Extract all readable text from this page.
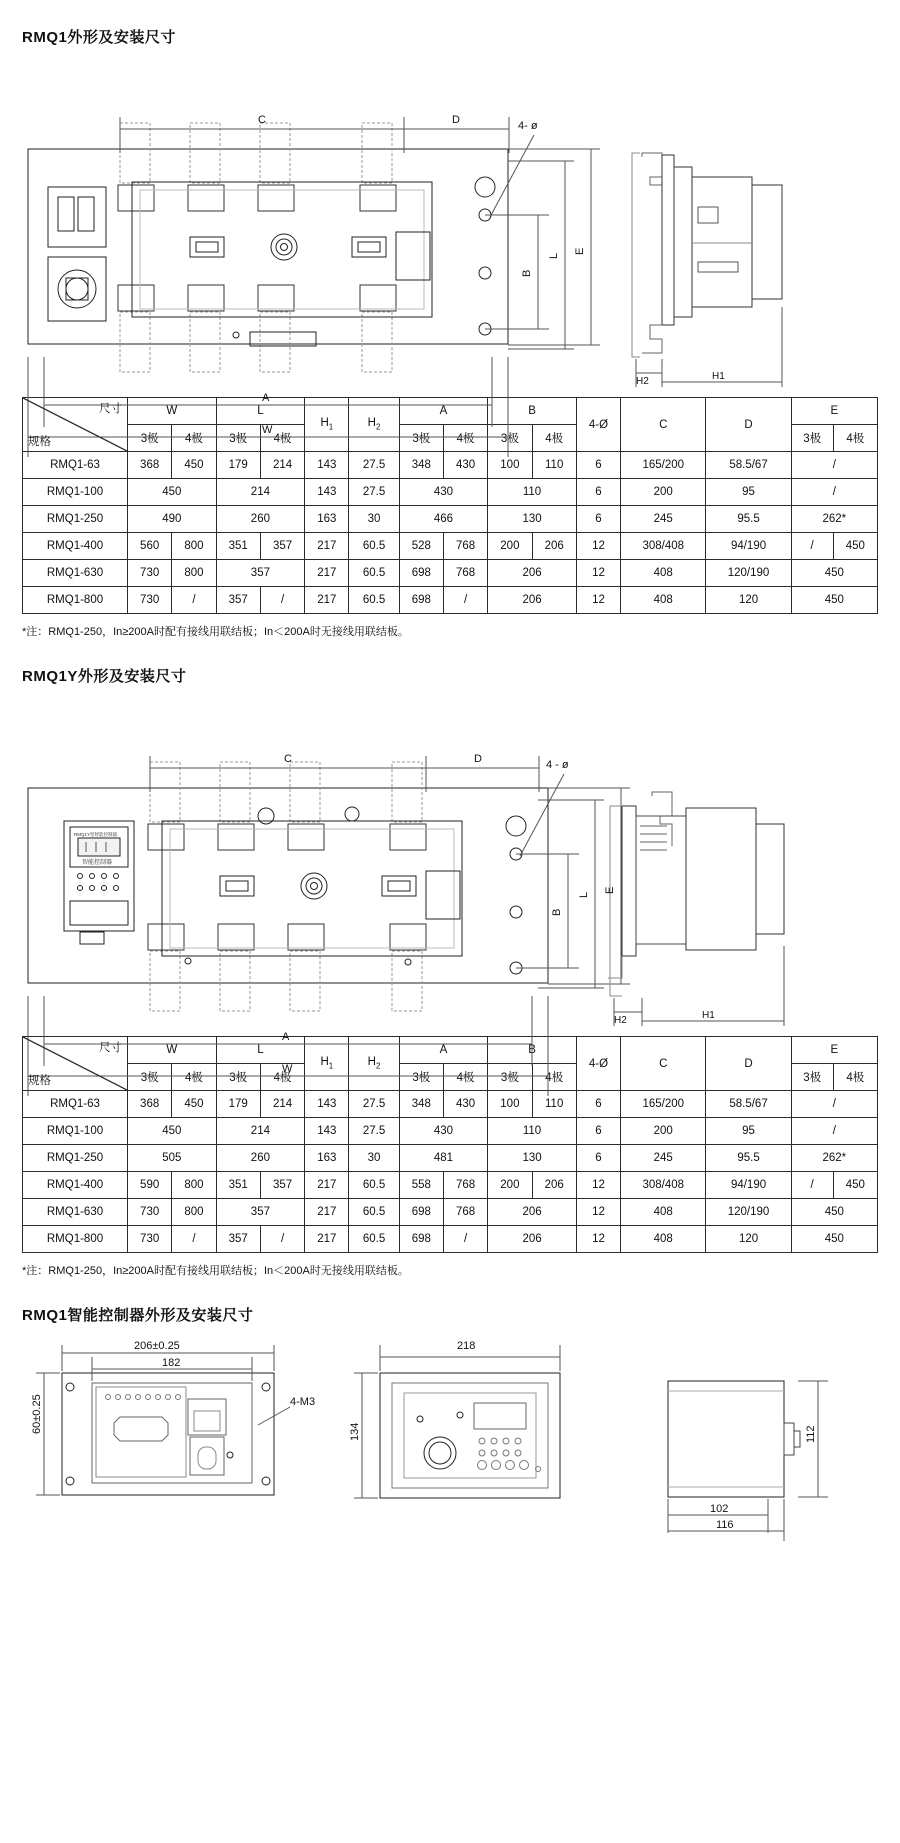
RMQ1外形及安装尺寸
C	D	4- ø
B
L
E
A
W
H2	H1
尺寸
规格	W		L		$H_1$	$H_2$	A		B		4-Ø	C	D	E	
	3极	4极	3极	4极			3极	4极	3极	4极				3极	4极
RMQ1-63	368	450	179	214	143	27.5	348	430	100	110	6	165/200	58.5/67	/	
RMQ1-100	450		214		143	27.5	430		110		6	200	95	/	
RMQ1-250	490		260		163	30	466		130		6	245	95.5	262*	
RMQ1-400	560	800	351	357	217	60.5	528	768	200	206	12	308/408	94/190	/	450
RMQ1-630	730	800	357		217	60.5	698	768	206		12	408	120/190	450	
RMQ1-800	730	/	357	/	217	60.5	698	/	206		12	408	120	450	
*注：RMQ1-250，In≥200A时配有接线用联结板；In＜200A时无接线用联结板。
RMQ1Y外形及安装尺寸
C	D	4 - ø
B
L
E
A
W
H2	H1
RMQ1Y型智能控制器
智能控制器
尺寸
规格	W		L		$H_1$	$H_2$	A		B		4-Ø	C	D	E	
	3极	4极	3极	4极			3极	4极	3极	4极				3极	4极
RMQ1-63	368	450	179	214	143	27.5	348	430	100	110	6	165/200	58.5/67	/	
RMQ1-100	450		214		143	27.5	430		110		6	200	95	/	
RMQ1-250	505		260		163	30	481		130		6	245	95.5	262*	
RMQ1-400	590	800	351	357	217	60.5	558	768	200	206	12	308/408	94/190	/	450
RMQ1-630	730	800	357		217	60.5	698	768	206		12	408	120/190	450	
RMQ1-800	730	/	357	/	217	60.5	698	/	206		12	408	120	450	
*注：RMQ1-250，In≥200A时配有接线用联结板；In＜200A时无接线用联结板。
RMQ1智能控制器外形及安装尺寸
206±0.25
182
60±0.25	4-M3
218
134	112
102
116
